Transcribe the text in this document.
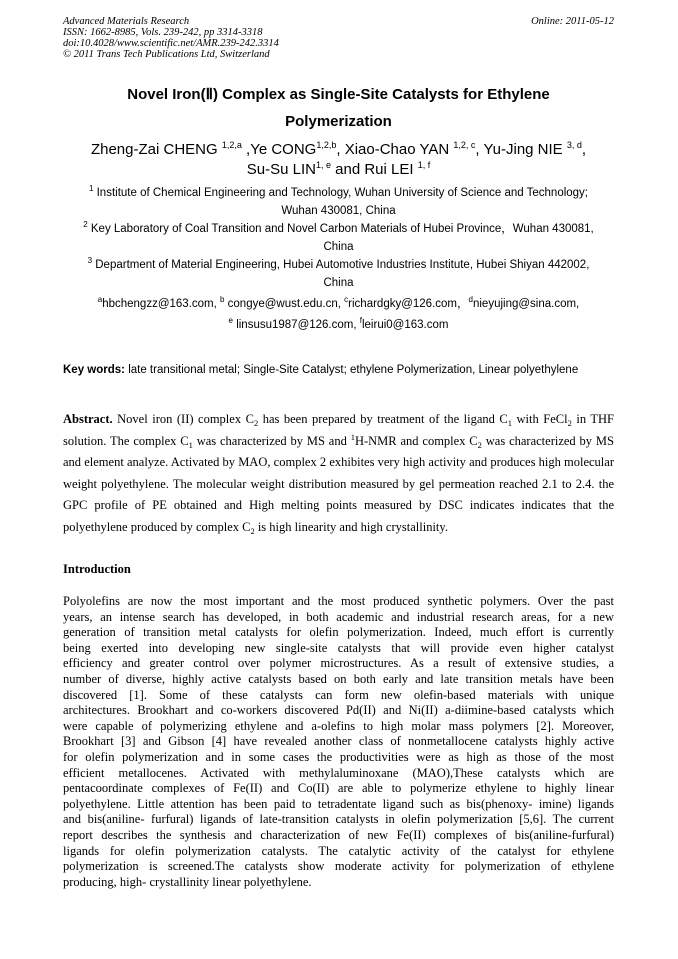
Advanced Materials Research
ISSN: 1662-8985, Vols. 239-242, pp 3314-3318
doi:10.4028/www.scientific.net/AMR.239-242.3314
© 2011 Trans Tech Publications Ltd, Switzerland
Online: 2011-05-12
Novel Iron(Ⅱ) Complex as Single-Site Catalysts for Ethylene
Polymerization
Zheng-Zai CHENG $^{1,2,a}$ ,Ye CONG$^{1,2,b}$, Xiao-Chao YAN $^{1,2, c}$, Yu-Jing NIE $^{3, d}$,
Su-Su LIN$^{1, e}$ and Rui LEI $^{1, f}$
$^1$ Institute of Chemical Engineering and Technology, Wuhan University of Science and Technology;
Wuhan 430081, China
$^2$ Key Laboratory of Coal Transition and Novel Carbon Materials of Hubei Province，Wuhan 430081,
China
$^3$ Department of Material Engineering, Hubei Automotive Industries Institute, Hubei Shiyan 442002,
China
$^a$hbchengzz@163.com, $^b$ congye@wust.edu.cn, $^c$richardgky@126.com，$^d$nieyujing@sina.com,
$^e$ linsusu1987@126.com, $^f$leirui0@163.com
Key words: late transitional metal; Single-Site Catalyst; ethylene Polymerization, Linear polyethylene
Abstract. Novel iron (II) complex $C_2$ has been prepared by treatment of the ligand $C_1$ with FeCl$_2$ in THF solution. The complex $C_1$ was characterized by MS and $^1$H-NMR and complex $C_2$ was characterized by MS and element analyze. Activated by MAO, complex 2 exhibites very high activity and produces high molecular weight polyethylene. The molecular weight distribution measured by gel permeation reached 2.1 to 2.4. the GPC profile of PE obtained and High melting points measured by DSC indicates indicates that the polyethylene produced by complex $C_2$ is high linearity and high crystallinity.
Introduction
Polyolefins are now the most important and the most produced synthetic polymers. Over the past
years, an intense search has developed, in both academic and industrial research areas, for a new
generation of transition metal catalysts for olefin polymerization. Indeed, much effort is currently
being exerted into developing new single-site catalysts that will provide even higher catalyst
efficiency and greater control over polymer microstructures. As a result of extensive studies, a
number of diverse, highly active catalysts based on both early and late transition metals have been
discovered [1]. Some of these catalysts can form new olefin-based materials with unique
architectures. Brookhart and co-workers discovered Pd(II) and Ni(II) a-diimine-based catalysts which
were capable of polymerizing ethylene and a-olefins to high molar mass polymers [2]. Moreover,
Brookhart [3] and Gibson [4] have revealed another class of nonmetallocene catalysts highly active
for olefin polymerization and in some cases the productivities were as high as those of the most
efficient metallocenes. Activated with methylaluminoxane (MAO),These catalysts which are
pentacoordinate complexes of Fe(II) and Co(II) are able to polymerize ethylene to highly linear
polyethylene. Little attention has been paid to tetradentate ligand such as bis(phenoxy- imine) ligands
and bis(aniline- furfural) ligands of late-transition catalysts in olefin polymerization [5,6]. The current
report describes the synthesis and characterization of new Fe(II) complexes of bis(aniline-furfural)
ligands for olefin polymerization catalysts. The catalytic activity of the catalyst for ethylene
polymerization is screened.The catalysts show moderate activity for polymerization of ethylene
producing, high- crystallinity linear polyethylene.
